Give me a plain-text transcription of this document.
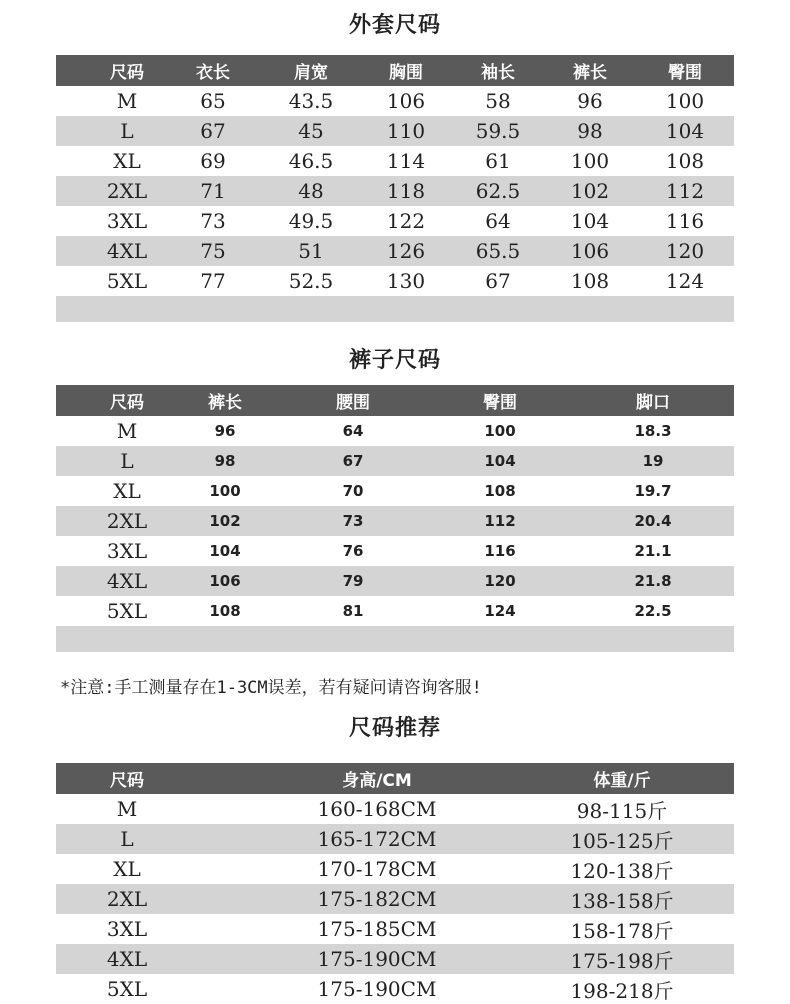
外套尺码
尺码	衣长	肩宽	胸围	袖长	裤长	臀围
M	65	43.5	106	58	96	100
L	67	45	110	59.5	98	104
XL	69	46.5	114	61	100	108
2XL	71	48	118	62.5	102	112
3XL	73	49.5	122	64	104	116
4XL	75	51	126	65.5	106	120
5XL	77	52.5	130	67	108	124
裤子尺码
尺码	裤长	腰围	臀围	脚口
M	96	64	100	18.3
L	98	67	104	19
XL	100	70	108	19.7
2XL	102	73	112	20.4
3XL	104	76	116	21.1
4XL	106	79	120	21.8
5XL	108	81	124	22.5
*注意:手工测量存在1-3CM误差，若有疑问请咨询客服!
尺码推荐
尺码	身高/CM	体重/斤
M	160-168CM	98-115斤
L	165-172CM	105-125斤
XL	170-178CM	120-138斤
2XL	175-182CM	138-158斤
3XL	175-185CM	158-178斤
4XL	175-190CM	175-198斤
5XL	175-190CM	198-218斤
